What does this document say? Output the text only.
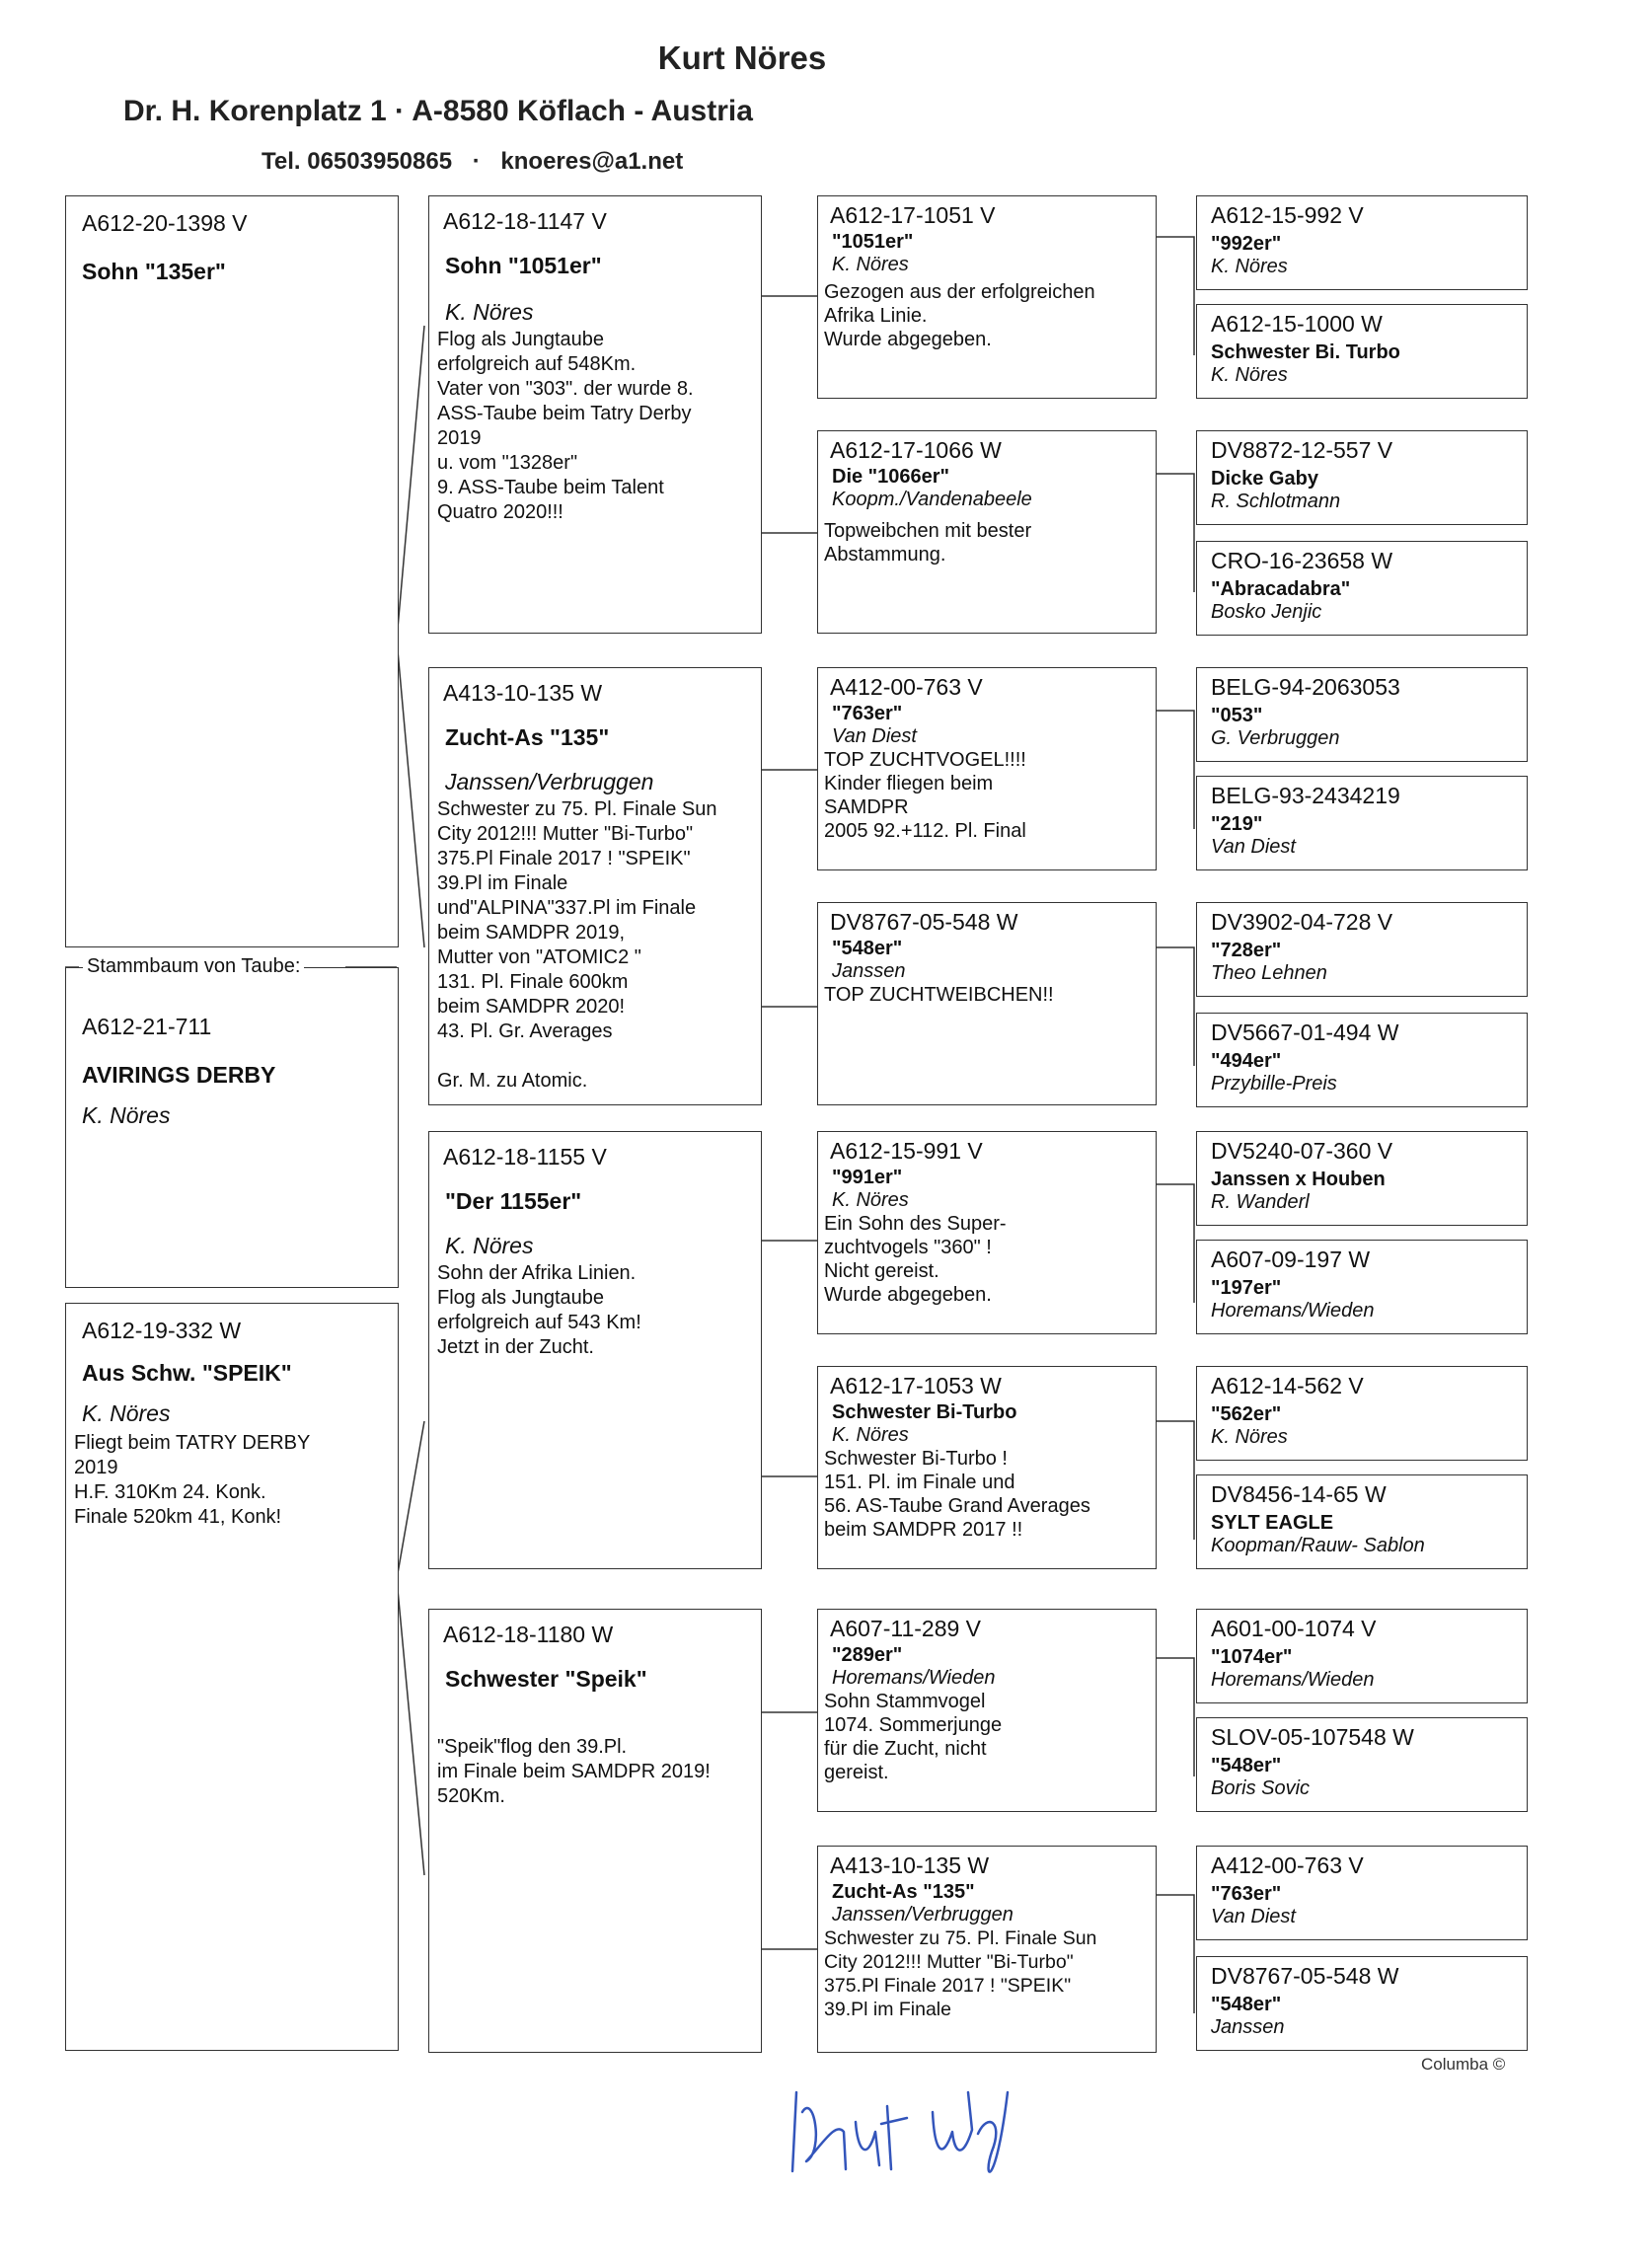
Kurt Nöres
Dr. H. Korenplatz 1 · A-8580 Köflach - Austria
Tel. 06503950865 · knoeres@a1.net
A612-20-1398 V
Sohn "135er"
A612-21-711
AVIRINGS DERBY
K. Nöres
Stammbaum von Taube:
A612-19-332 W
Aus Schw. "SPEIK"
K. Nöres
Fliegt beim TATRY DERBY
2019
H.F. 310Km 24. Konk.
Finale 520km 41, Konk!
A612-18-1147 V
Sohn "1051er"
K. Nöres
Flog als Jungtaube
erfolgreich auf 548Km.
Vater von "303". der wurde 8.
ASS-Taube beim Tatry Derby
2019
u. vom "1328er"
9. ASS-Taube beim Talent
Quatro 2020!!!
A413-10-135 W
Zucht-As "135"
Janssen/Verbruggen
Schwester zu 75. Pl. Finale Sun
City 2012!!! Mutter "Bi-Turbo"
375.Pl Finale 2017 ! "SPEIK"
39.Pl im Finale
und"ALPINA"337.Pl im Finale
beim SAMDPR 2019,
Mutter von "ATOMIC2 "
131. Pl. Finale 600km
beim SAMDPR 2020!
43. Pl. Gr. Averages

Gr. M. zu Atomic.
A612-18-1155 V
"Der 1155er"
K. Nöres
Sohn der Afrika Linien.
Flog als Jungtaube
erfolgreich auf 543 Km!
Jetzt in der Zucht.
A612-18-1180 W
Schwester "Speik"

"Speik"flog den 39.Pl.
im Finale beim SAMDPR 2019!
520Km.
A612-17-1051 V
"1051er"
K. Nöres
Gezogen aus der erfolgreichen
Afrika Linie.
Wurde abgegeben.
A612-17-1066 W
Die "1066er"
Koopm./Vandenabeele
Topweibchen mit bester
Abstammung.
A412-00-763 V
"763er"
Van Diest
TOP ZUCHTVOGEL!!!!
Kinder fliegen beim
SAMDPR
2005 92.+112. Pl. Final
DV8767-05-548 W
"548er"
Janssen
TOP ZUCHTWEIBCHEN!!
A612-15-991 V
"991er"
K. Nöres
Ein Sohn des Super-
zuchtvogels "360" !
Nicht gereist.
Wurde abgegeben.
A612-17-1053 W
Schwester Bi-Turbo
K. Nöres
Schwester Bi-Turbo !
151. Pl. im Finale und
56. AS-Taube Grand Averages
beim SAMDPR 2017 !!
A607-11-289 V
"289er"
Horemans/Wieden
Sohn Stammvogel
1074. Sommerjunge
für die Zucht, nicht
gereist.
A413-10-135 W
Zucht-As "135"
Janssen/Verbruggen
Schwester zu 75. Pl. Finale Sun
City 2012!!! Mutter "Bi-Turbo"
375.Pl Finale 2017 ! "SPEIK"
39.Pl im Finale
A612-15-992 V
"992er"
K. Nöres
A612-15-1000 W
Schwester Bi. Turbo
K. Nöres
DV8872-12-557 V
Dicke Gaby
R. Schlotmann
CRO-16-23658 W
"Abracadabra"
Bosko Jenjic
BELG-94-2063053
"053"
G. Verbruggen
BELG-93-2434219
"219"
Van Diest
DV3902-04-728 V
"728er"
Theo Lehnen
DV5667-01-494 W
"494er"
Przybille-Preis
DV5240-07-360 V
Janssen x Houben
R. Wanderl
A607-09-197 W
"197er"
Horemans/Wieden
A612-14-562 V
"562er"
K. Nöres
DV8456-14-65 W
SYLT EAGLE
Koopman/Rauw- Sablon
A601-00-1074 V
"1074er"
Horemans/Wieden
SLOV-05-107548 W
"548er"
Boris Sovic
A412-00-763 V
"763er"
Van Diest
DV8767-05-548 W
"548er"
Janssen
Columba ©
